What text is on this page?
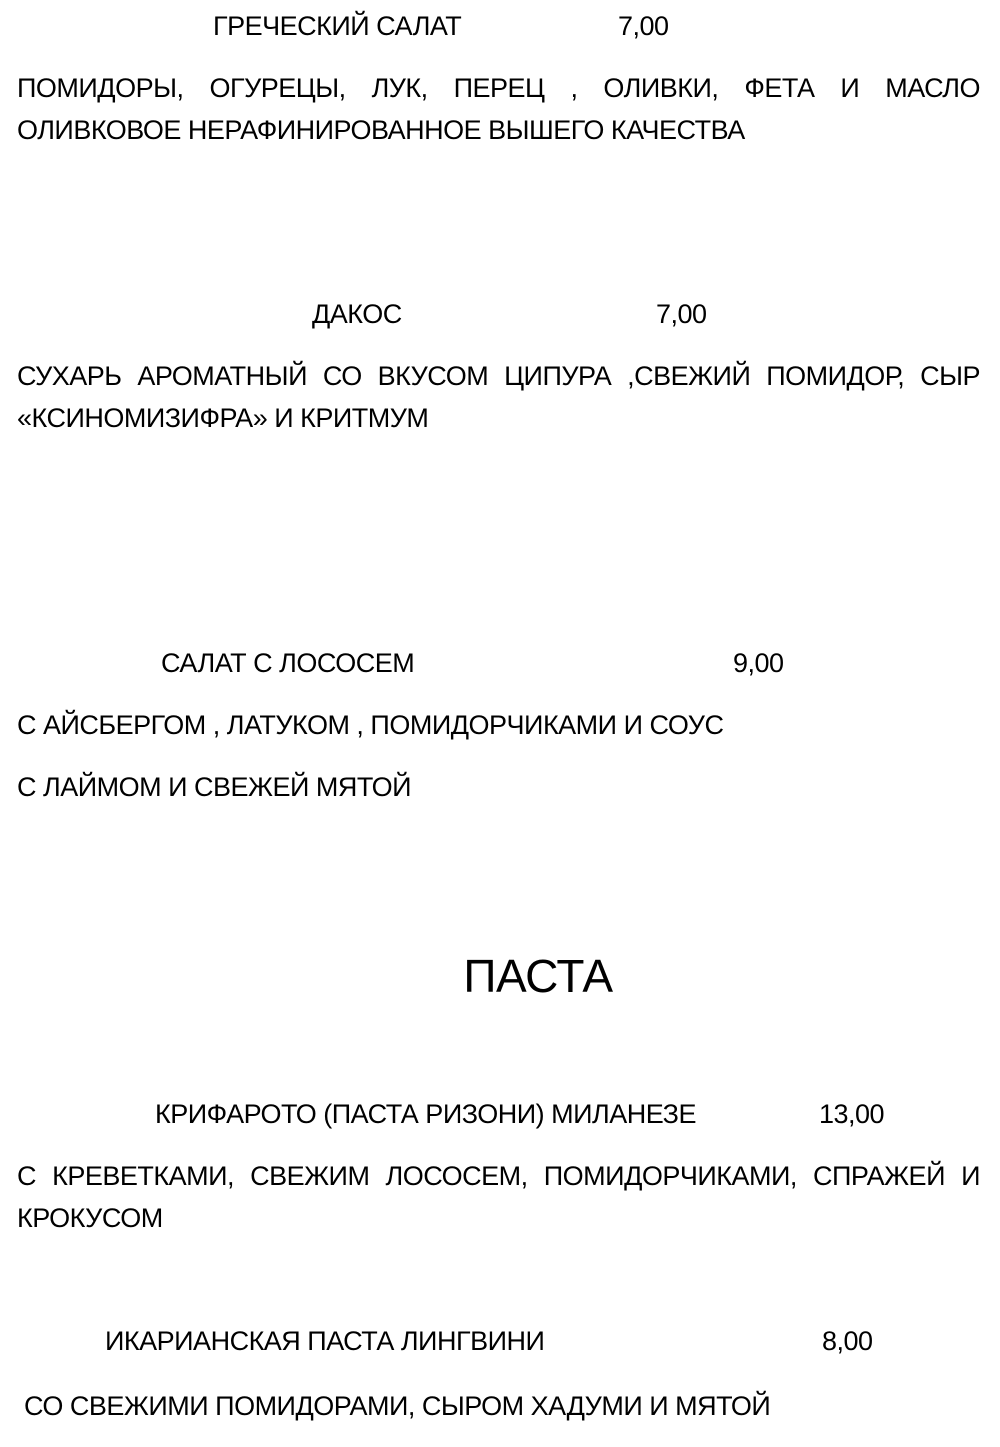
ГРЕЧЕСКИЙ САЛАТ	7,00
ПОМИДОРЫ, ОГУРЕЦЫ, ЛУК, ПЕРЕЦ , ОЛИВКИ, ФЕТА И МАСЛО ОЛИВКОВОЕ НЕРАФИНИРОВАННОЕ ВЫШЕГО КАЧЕСТВА
ДАКОС	7,00
СУХАРЬ АРОМАТНЫЙ СО ВКУСОМ ЦИПУРА ,СВЕЖИЙ ПОМИДОР, СЫР «КСИНОМИЗИФРА» И КРИТМУМ
САЛАТ С ЛОСОСЕМ	9,00
С АЙСБЕРГОМ , ЛАТУКОМ , ПОМИДОРЧИКАМИ И СОУС
С ЛАЙМОМ И СВЕЖЕЙ МЯТОЙ
ПАСТА
КРИФАРОТО (ПАСТА РИЗОНИ) МИЛАНЕЗЕ	13,00
С КРЕВЕТКАМИ, СВЕЖИМ ЛОСОСЕМ, ПОМИДОРЧИКАМИ, СПРАЖЕЙ И КРОКУСОМ
ИКАРИАНСКАЯ ПАСТА ЛИНГВИНИ	8,00
СО СВЕЖИМИ ПОМИДОРАМИ, СЫРОМ ХАДУМИ И МЯТОЙ
